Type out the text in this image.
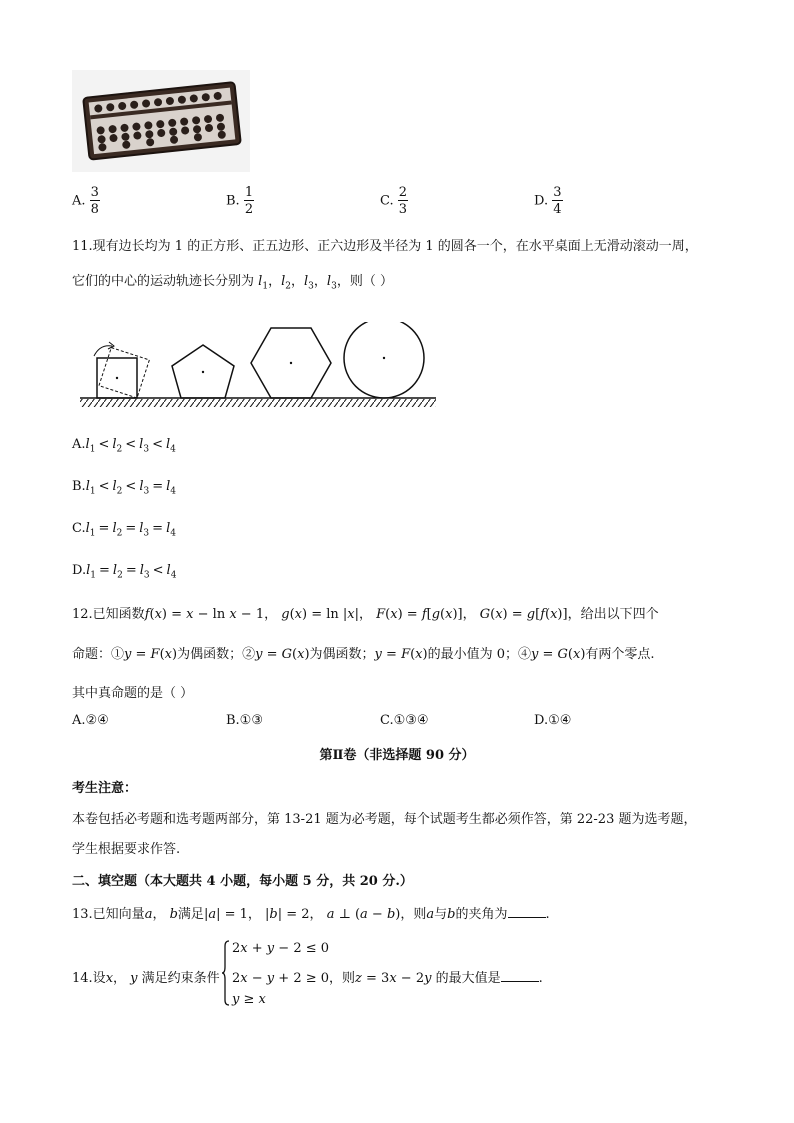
A. $\frac{3}{8}$	B. $\frac{1}{2}$	C. $\frac{2}{3}$	D. $\frac{3}{4}$
11.现有边长均为 1 的正方形、正五边形、正六边形及半径为 1 的圆各一个，在水平桌面上无滑动滚动一周，
它们的中心的运动轨迹长分别为 $l_1$，$l_2$，$l_3$，$l_3$，则（ ）
$A.l_1 < l_2 < l_3 < l_4$
$B.l_1 < l_2 < l_3 = l_4$
$C.l_1 = l_2 = l_3 = l_4$
$D.l_1 = l_2 = l_3 < l_4$
12.已知函数f(x) = x − ln x − 1， g(x) = ln |x|， F(x) = f[g(x)]， G(x) = g[f(x)]，给出以下四个
命题：①y = F(x)为偶函数；②y = G(x)为偶函数；y = F(x)的最小值为 0；④y = G(x)有两个零点.
其中真命题的是（ ）
A.②④	B.①③	C.①③④	D.①④
第Ⅱ卷（非选择题 90 分）
考生注意：
本卷包括必考题和选考题两部分，第 13-21 题为必考题，每个试题考生都必须作答，第 22-23 题为选考题，
学生根据要求作答.
二、填空题（本大题共 4 小题，每小题 5 分，共 20 分.）
13.已知向量a， b满足|a| = 1， |b| = 2， a ⊥ (a − b)，则a与b的夹角为	.
14.设x， y 满足约束条件
2x + y − 2 ≤ 0
2x − y + 2 ≥ 0，则z = 3x − 2y 的最大值是	.
y ≥ x
